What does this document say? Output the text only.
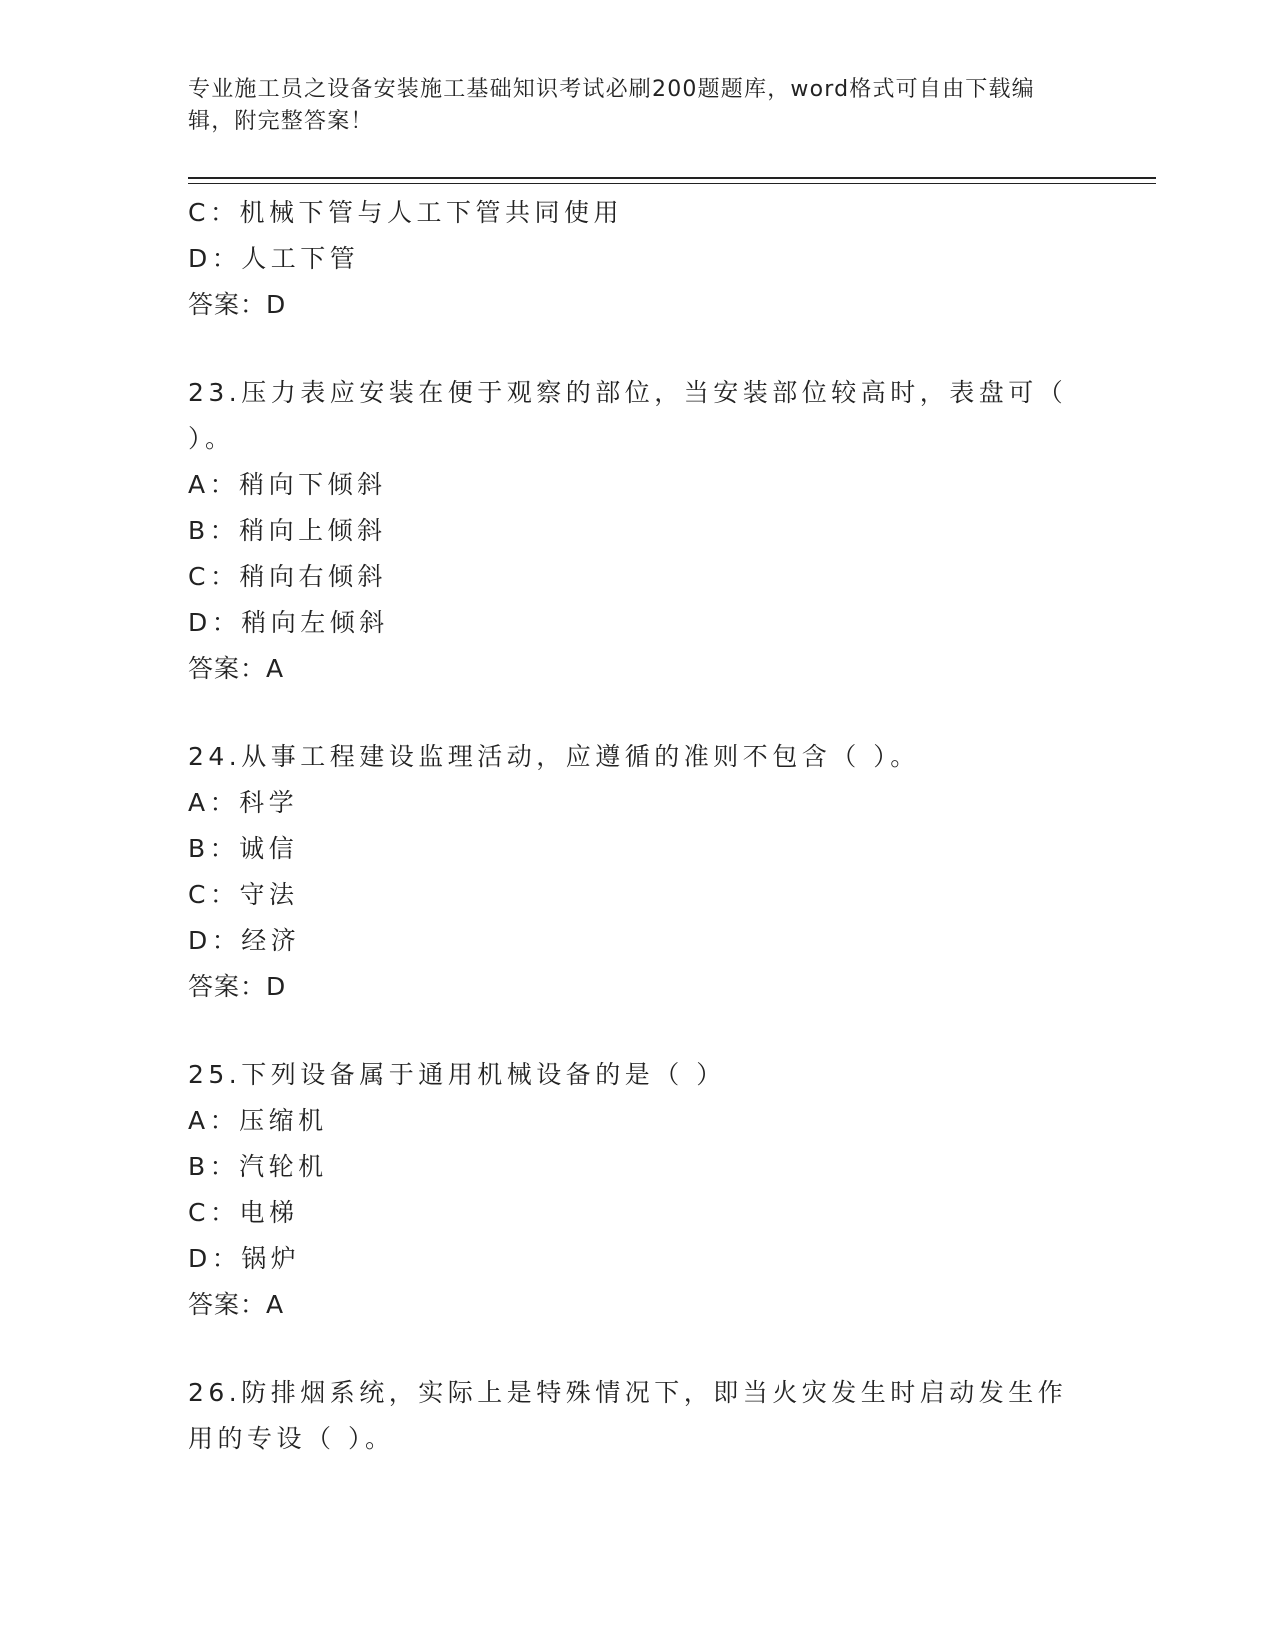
专业施工员之设备安装施工基础知识考试必刷200题题库，word格式可自由下载编辑，附完整答案！
C：机械下管与人工下管共同使用
D：人工下管
答案：D
23.压力表应安装在便于观察的部位，当安装部位较高时，表盘可（ ）。
A：稍向下倾斜
B：稍向上倾斜
C：稍向右倾斜
D：稍向左倾斜
答案：A
24.从事工程建设监理活动，应遵循的准则不包含（ ）。
A：科学
B：诚信
C：守法
D：经济
答案：D
25.下列设备属于通用机械设备的是（ ）
A：压缩机
B：汽轮机
C：电梯
D：锅炉
答案：A
26.防排烟系统，实际上是特殊情况下，即当火灾发生时启动发生作用的专设（ ）。
